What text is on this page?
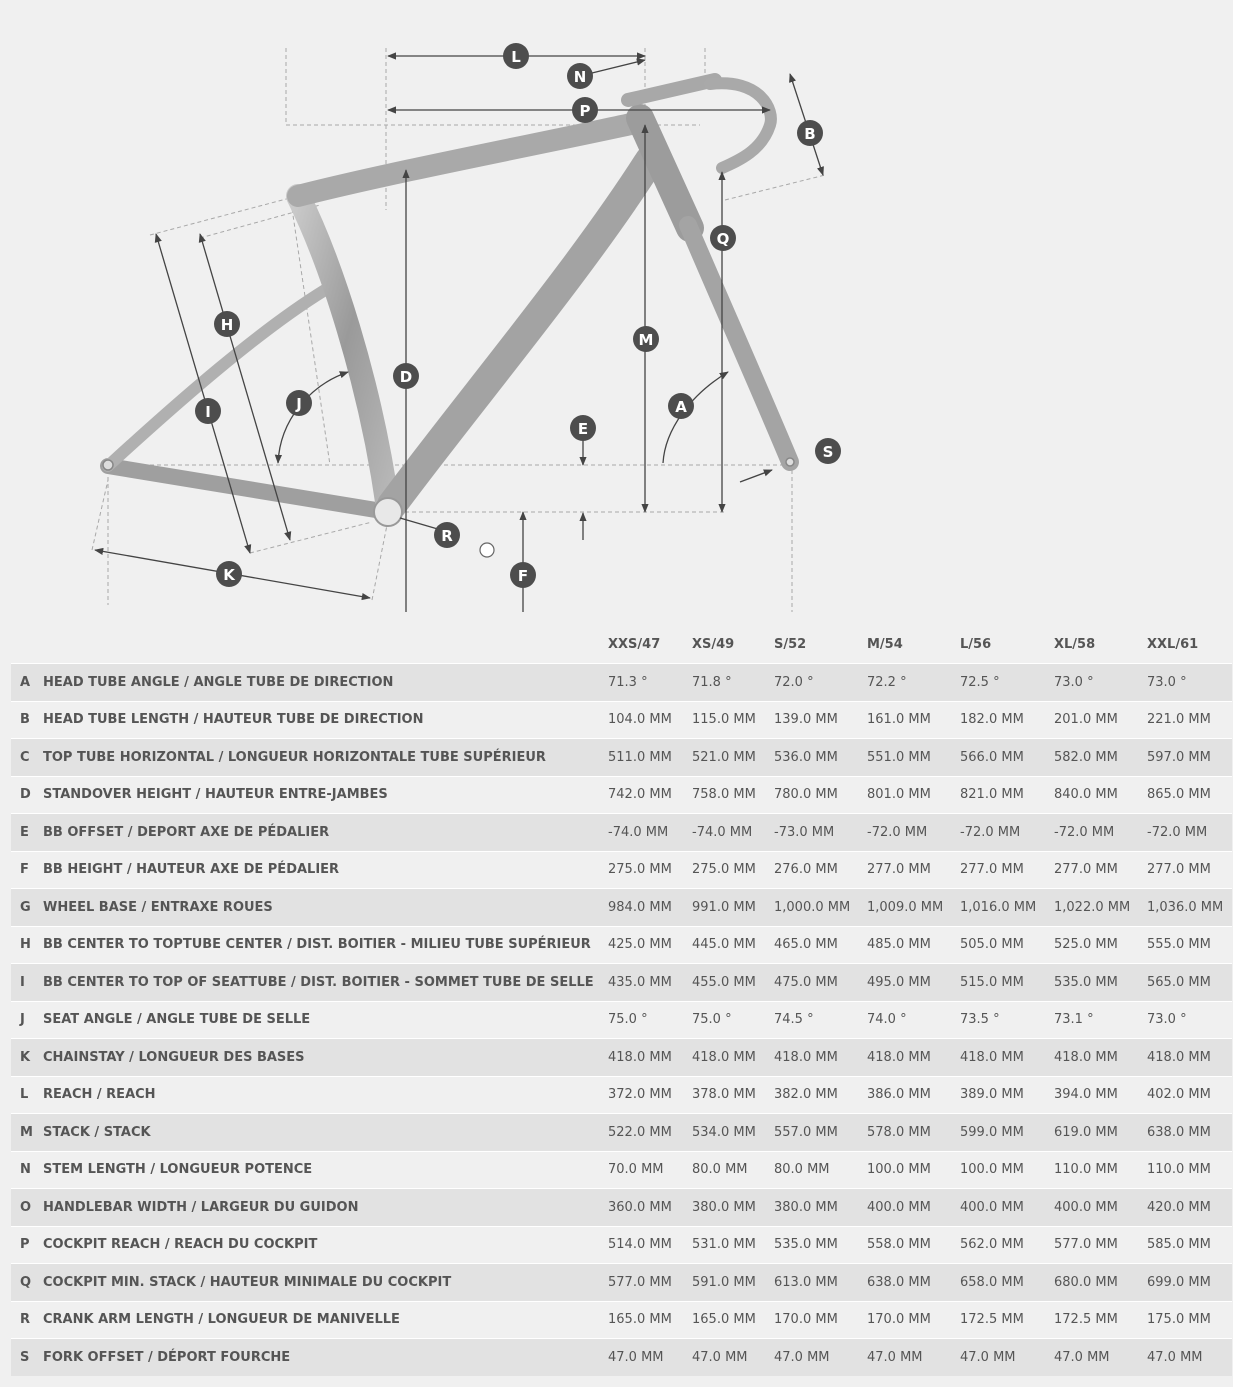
L
N
P
B
Q
H
I	J
D
M
A
E
S
R
F
K
		XXS/47	XS/49	S/52	M/54	L/56	XL/58	XXL/61
A	HEAD TUBE ANGLE / ANGLE TUBE DE DIRECTION	71.3 °	71.8 °	72.0 °	72.2 °	72.5 °	73.0 °	73.0 °
B	HEAD TUBE LENGTH / HAUTEUR TUBE DE DIRECTION	104.0 MM	115.0 MM	139.0 MM	161.0 MM	182.0 MM	201.0 MM	221.0 MM
C	TOP TUBE HORIZONTAL / LONGUEUR HORIZONTALE TUBE SUPÉRIEUR	511.0 MM	521.0 MM	536.0 MM	551.0 MM	566.0 MM	582.0 MM	597.0 MM
D	STANDOVER HEIGHT / HAUTEUR ENTRE-JAMBES	742.0 MM	758.0 MM	780.0 MM	801.0 MM	821.0 MM	840.0 MM	865.0 MM
E	BB OFFSET / DEPORT AXE DE PÉDALIER	-74.0 MM	-74.0 MM	-73.0 MM	-72.0 MM	-72.0 MM	-72.0 MM	-72.0 MM
F	BB HEIGHT / HAUTEUR AXE DE PÉDALIER	275.0 MM	275.0 MM	276.0 MM	277.0 MM	277.0 MM	277.0 MM	277.0 MM
G	WHEEL BASE / ENTRAXE ROUES	984.0 MM	991.0 MM	1,000.0 MM	1,009.0 MM	1,016.0 MM	1,022.0 MM	1,036.0 MM
H	BB CENTER TO TOPTUBE CENTER / DIST. BOITIER - MILIEU TUBE SUPÉRIEUR	425.0 MM	445.0 MM	465.0 MM	485.0 MM	505.0 MM	525.0 MM	555.0 MM
I	BB CENTER TO TOP OF SEATTUBE / DIST. BOITIER - SOMMET TUBE DE SELLE	435.0 MM	455.0 MM	475.0 MM	495.0 MM	515.0 MM	535.0 MM	565.0 MM
J	SEAT ANGLE / ANGLE TUBE DE SELLE	75.0 °	75.0 °	74.5 °	74.0 °	73.5 °	73.1 °	73.0 °
K	CHAINSTAY / LONGUEUR DES BASES	418.0 MM	418.0 MM	418.0 MM	418.0 MM	418.0 MM	418.0 MM	418.0 MM
L	REACH / REACH	372.0 MM	378.0 MM	382.0 MM	386.0 MM	389.0 MM	394.0 MM	402.0 MM
M	STACK / STACK	522.0 MM	534.0 MM	557.0 MM	578.0 MM	599.0 MM	619.0 MM	638.0 MM
N	STEM LENGTH / LONGUEUR POTENCE	70.0 MM	80.0 MM	80.0 MM	100.0 MM	100.0 MM	110.0 MM	110.0 MM
O	HANDLEBAR WIDTH / LARGEUR DU GUIDON	360.0 MM	380.0 MM	380.0 MM	400.0 MM	400.0 MM	400.0 MM	420.0 MM
P	COCKPIT REACH / REACH DU COCKPIT	514.0 MM	531.0 MM	535.0 MM	558.0 MM	562.0 MM	577.0 MM	585.0 MM
Q	COCKPIT MIN. STACK / HAUTEUR MINIMALE DU COCKPIT	577.0 MM	591.0 MM	613.0 MM	638.0 MM	658.0 MM	680.0 MM	699.0 MM
R	CRANK ARM LENGTH / LONGUEUR DE MANIVELLE	165.0 MM	165.0 MM	170.0 MM	170.0 MM	172.5 MM	172.5 MM	175.0 MM
S	FORK OFFSET / DÉPORT FOURCHE	47.0 MM	47.0 MM	47.0 MM	47.0 MM	47.0 MM	47.0 MM	47.0 MM
